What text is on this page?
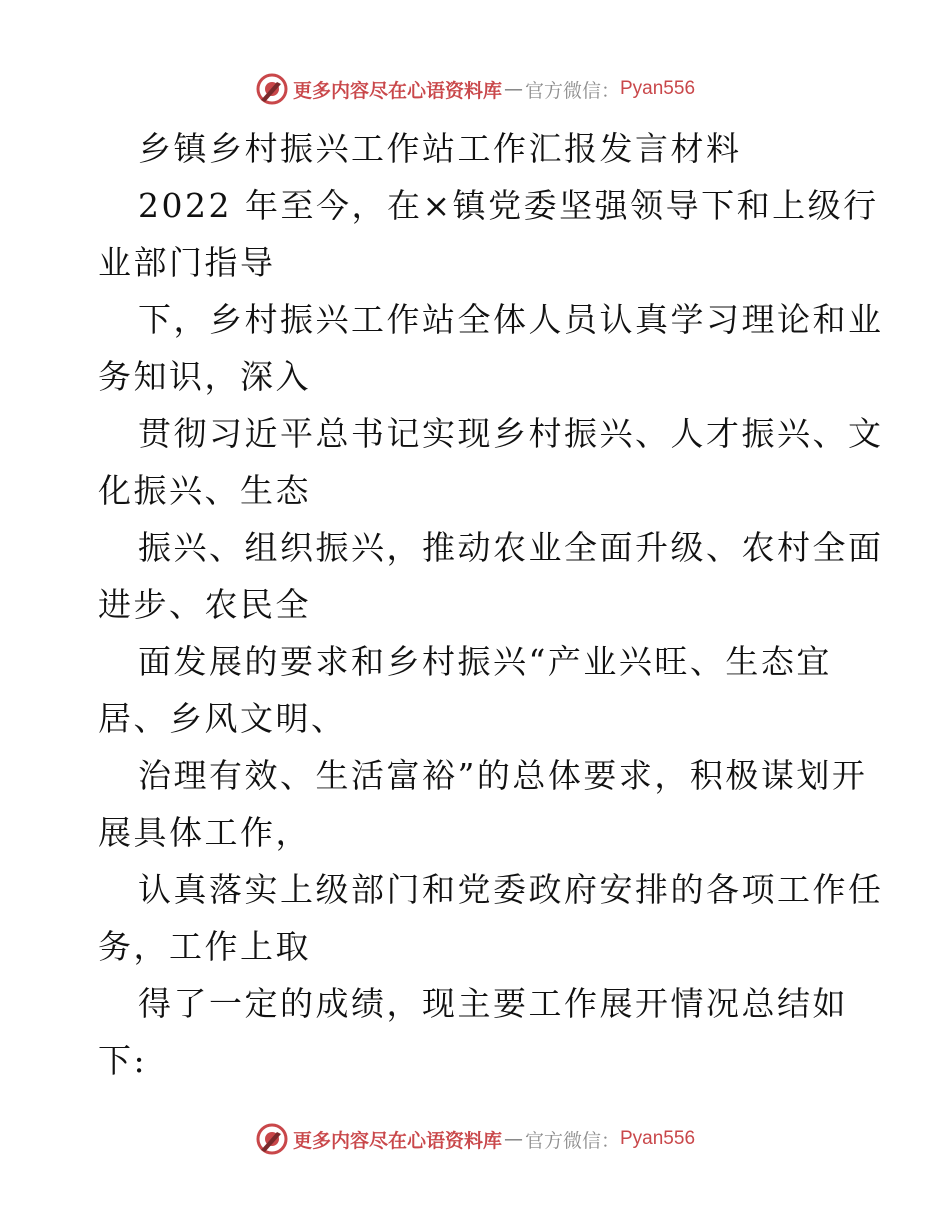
更多内容尽在心语资料库 — 官方微信： Pyan556
乡镇乡村振兴工作站工作汇报发言材料
2022 年至今，在×镇党委坚强领导下和上级行
业部门指导
下，乡村振兴工作站全体人员认真学习理论和业
务知识，深入
贯彻习近平总书记实现乡村振兴、人才振兴、文
化振兴、生态
振兴、组织振兴，推动农业全面升级、农村全面
进步、农民全
面发展的要求和乡村振兴“产业兴旺、生态宜
居、乡风文明、
治理有效、生活富裕”的总体要求，积极谋划开
展具体工作，
认真落实上级部门和党委政府安排的各项工作任
务，工作上取
得了一定的成绩，现主要工作展开情况总结如
下:
更多内容尽在心语资料库 — 官方微信： Pyan556
